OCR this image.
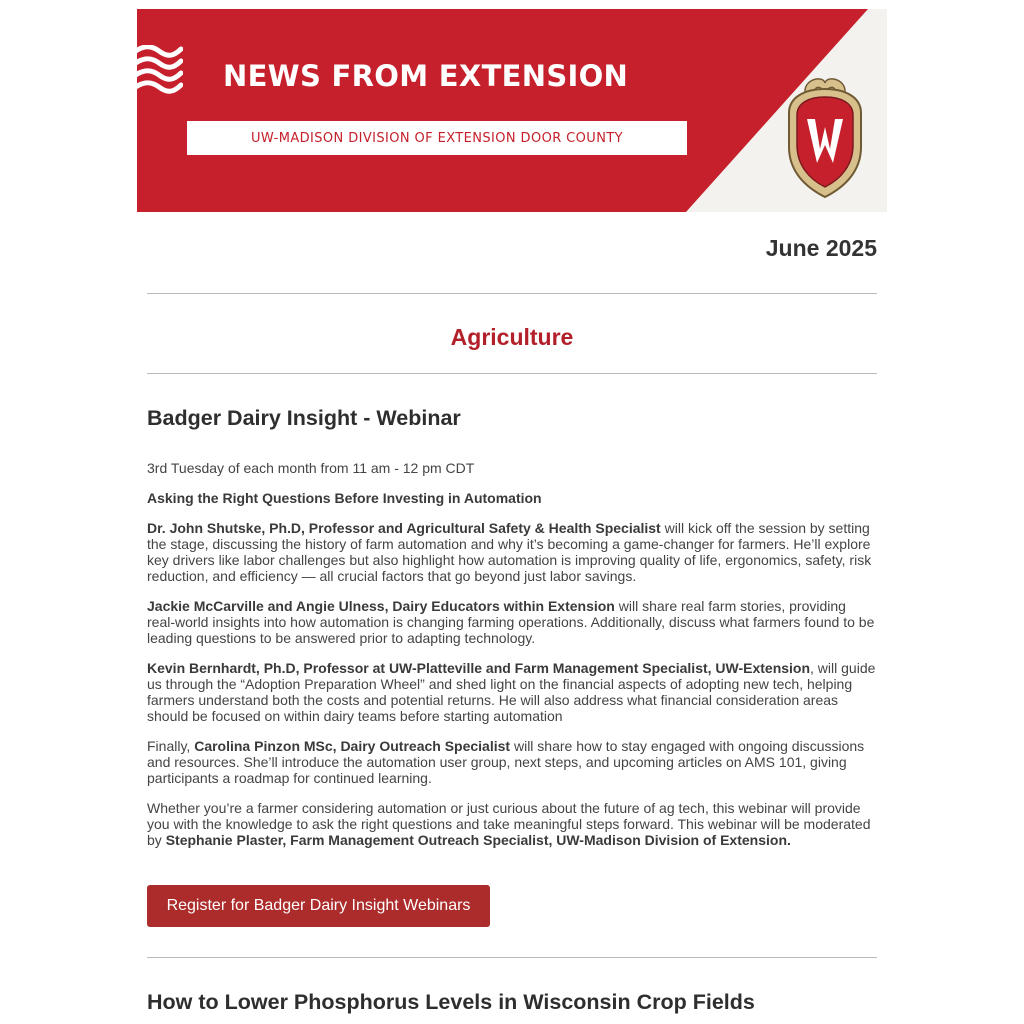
NEWS FROM EXTENSION
UW-MADISON DIVISION OF EXTENSION DOOR COUNTY
June 2025
Agriculture
Badger Dairy Insight - Webinar

3rd Tuesday of each month from 11 am - 12 pm CDT

Asking the Right Questions Before Investing in Automation

Dr. John Shutske, Ph.D, Professor and Agricultural Safety & Health Specialist will kick off the session by setting the stage, discussing the history of farm automation and why it’s becoming a game-changer for farmers. He’ll explore key drivers like labor challenges but also highlight how automation is improving quality of life, ergonomics, safety, risk reduction, and efficiency — all crucial factors that go beyond just labor savings.

Jackie McCarville and Angie Ulness, Dairy Educators within Extension will share real farm stories, providing real-world insights into how automation is changing farming operations. Additionally, discuss what farmers found to be leading questions to be answered prior to adapting technology.

Kevin Bernhardt, Ph.D, Professor at UW-Platteville and Farm Management Specialist, UW-Extension, will guide us through the “Adoption Preparation Wheel” and shed light on the financial aspects of adopting new tech, helping farmers understand both the costs and potential returns. He will also address what financial consideration areas should be focused on within dairy teams before starting automation

Finally, Carolina Pinzon MSc, Dairy Outreach Specialist will share how to stay engaged with ongoing discussions and resources. She’ll introduce the automation user group, next steps, and upcoming articles on AMS 101, giving participants a roadmap for continued learning.

Whether you’re a farmer considering automation or just curious about the future of ag tech, this webinar will provide you with the knowledge to ask the right questions and take meaningful steps forward. This webinar will be moderated by Stephanie Plaster, Farm Management Outreach Specialist, UW-Madison Division of Extension.

Register for Badger Dairy Insight Webinars
How to Lower Phosphorus Levels in Wisconsin Crop Fields
